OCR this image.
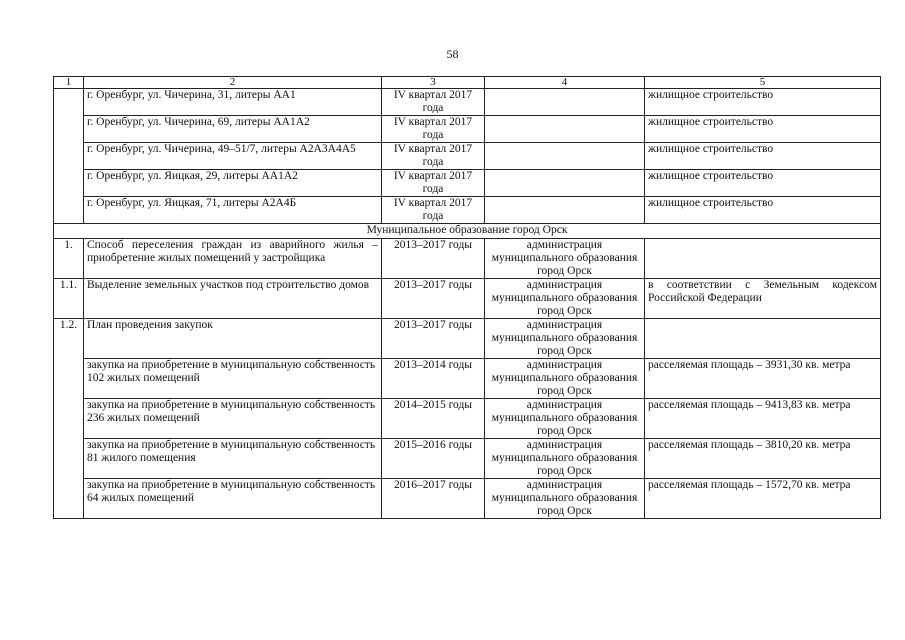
58
1	2	3	4	5
	г. Оренбург, ул. Чичерина, 31, литеры АА1	IV квартал 2017 года		жилищное строительство
	г. Оренбург, ул. Чичерина, 69, литеры АА1А2	IV квартал 2017 года		жилищное строительство
	г. Оренбург, ул. Чичерина, 49–51/7, литеры А2А3А4А5	IV квартал 2017 года		жилищное строительство
	г. Оренбург, ул. Яицкая, 29, литеры АА1А2	IV квартал 2017 года		жилищное строительство
	г. Оренбург, ул. Яицкая, 71, литеры А2А4Б	IV квартал 2017 года		жилищное строительство
Муниципальное образование город Орск				
1.	Способ переселения граждан из аварийного жилья – приобретение жилых помещений у застройщика	2013–2017 годы	администрация муниципального образования город Орск	
1.1.	Выделение земельных участков под строительство домов	2013–2017 годы	администрация муниципального образования город Орск	в соответствии с Земельным кодексом Российской Федерации
1.2.	План проведения закупок	2013–2017 годы	администрация муниципального образования город Орск	
	закупка на приобретение в муниципальную собственность 102 жилых помещений	2013–2014 годы	администрация муниципального образования город Орск	расселяемая площадь – 3931,30 кв. метра
	закупка на приобретение в муниципальную собственность 236 жилых помещений	2014–2015 годы	администрация муниципального образования город Орск	расселяемая площадь – 9413,83 кв. метра
	закупка на приобретение в муниципальную собственность 81 жилого помещения	2015–2016 годы	администрация муниципального образования город Орск	расселяемая площадь – 3810,20 кв. метра
	закупка на приобретение в муниципальную собственность 64 жилых помещений	2016–2017 годы	администрация муниципального образования город Орск	расселяемая площадь – 1572,70 кв. метра
